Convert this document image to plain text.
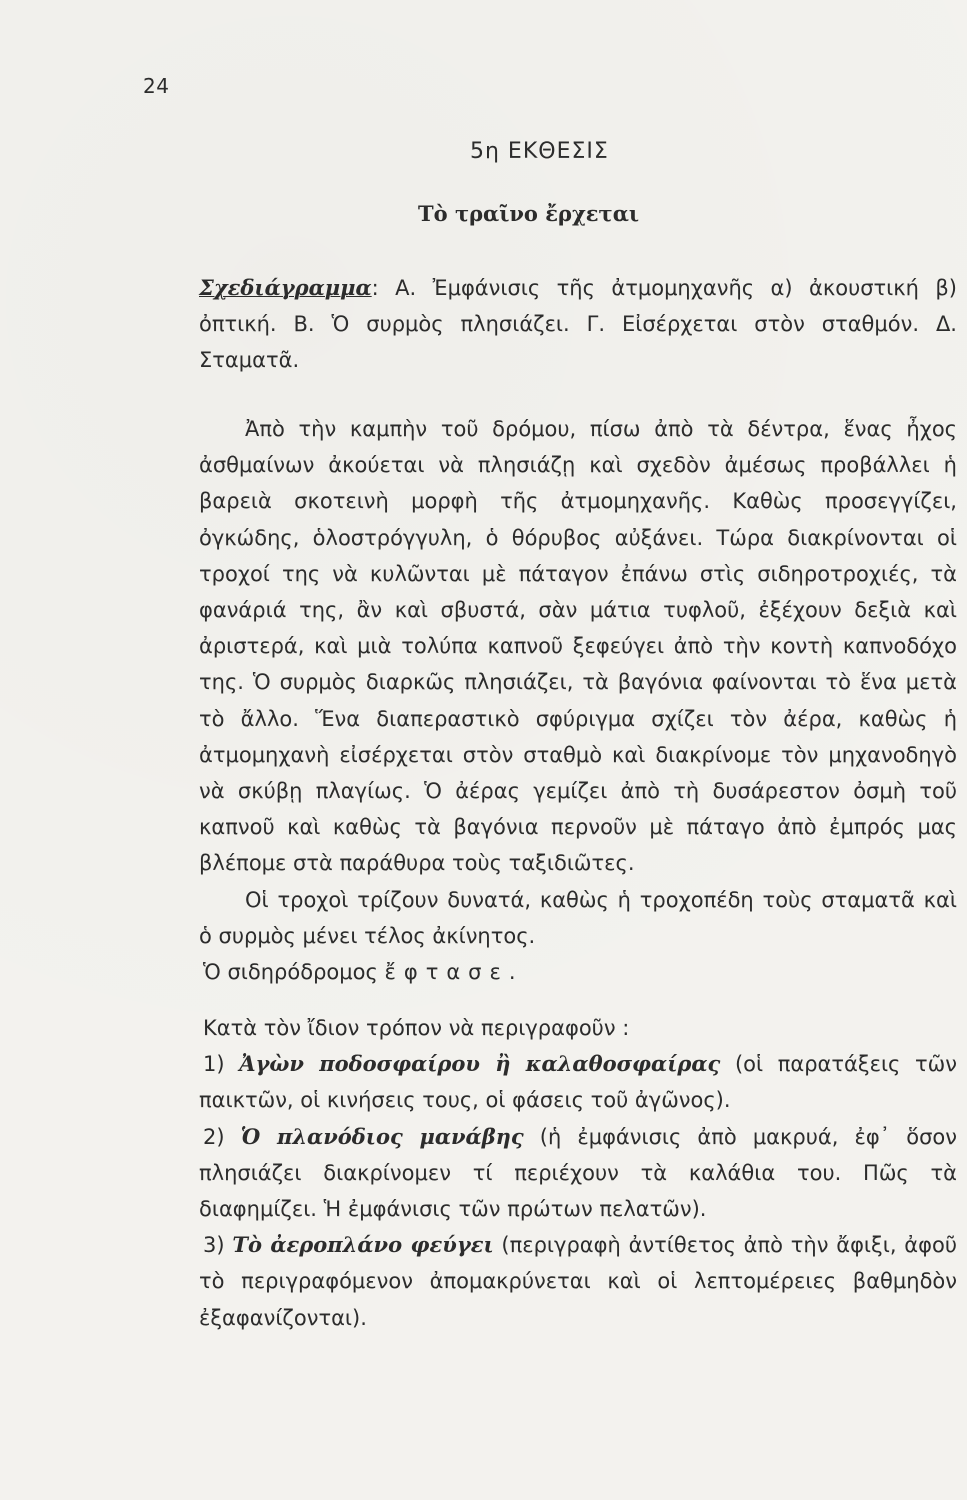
24
5η ΕΚΘΕΣΙΣ
Τὸ τραῖνο ἔρχεται

Σχεδιάγραμμα: Α. Ἐμφάνισις τῆς ἀτμομηχανῆς α) ἀκουστική β) ὀπτική. Β. Ὁ συρμὸς πλησιάζει. Γ. Εἰσέρχεται στὸν σταθμόν. Δ. Σταματᾶ.

Ἀπὸ τὴν καμπὴν τοῦ δρόμου, πίσω ἀπὸ τὰ δέντρα, ἕνας ἦχος ἀσθμαίνων ἀκούεται νὰ πλησιάζῃ καὶ σχεδὸν ἀμέσως προβάλλει ἡ βαρειὰ σκοτεινὴ μορφὴ τῆς ἀτμομηχανῆς. Καθὼς προσεγγίζει, ὀγκώδης, ὁλοστρόγγυλη, ὁ θόρυβος αὐξάνει. Τώρα διακρίνονται οἱ τροχοί της νὰ κυλῶνται μὲ πάταγον ἐπάνω στὶς σιδηροτροχιές, τὰ φανάριά της, ἂν καὶ σβυστά, σὰν μάτια τυφλοῦ, ἐξέχουν δεξιὰ καὶ ἀριστερά, καὶ μιὰ τολύπα καπνοῦ ξεφεύγει ἀπὸ τὴν κοντὴ καπνοδόχο της. Ὁ συρμὸς διαρκῶς πλησιάζει, τὰ βαγόνια φαίνονται τὸ ἕνα μετὰ τὸ ἄλλο. Ἕνα διαπεραστικὸ σφύριγμα σχίζει τὸν ἀέρα, καθὼς ἡ ἀτμομηχανὴ εἰσέρχεται στὸν σταθμὸ καὶ διακρίνομε τὸν μηχανοδηγὸ νὰ σκύβῃ πλαγίως. Ὁ ἀέρας γεμίζει ἀπὸ τὴ δυσάρεστον ὀσμὴ τοῦ καπνοῦ καὶ καθὼς τὰ βαγόνια περνοῦν μὲ πάταγο ἀπὸ ἐμπρός μας βλέπομε στὰ παράθυρα τοὺς ταξιδιῶτες.

Οἱ τροχοὶ τρίζουν δυνατά, καθὼς ἡ τροχοπέδη τοὺς σταματᾶ καὶ ὁ συρμὸς μένει τέλος ἀκίνητος.

Ὁ σιδηρόδρομος ἔφτασε.

Κατὰ τὸν ἴδιον τρόπον νὰ περιγραφοῦν :

1) Ἀγὼν ποδοσφαίρου ἢ καλαθοσφαίρας (οἱ παρατάξεις τῶν παικτῶν, οἱ κινήσεις τους, οἱ φάσεις τοῦ ἀγῶνος).

2) Ὁ πλανόδιος μανάβης (ἡ ἐμφάνισις ἀπὸ μακρυά, ἐφ᾽ ὅσον πλησιάζει διακρίνομεν τί περιέχουν τὰ καλάθια του. Πῶς τὰ διαφημίζει. Ἡ ἐμφάνισις τῶν πρώτων πελατῶν).

3) Τὸ ἀεροπλάνο φεύγει (περιγραφὴ ἀντίθετος ἀπὸ τὴν ἄφιξι, ἀφοῦ τὸ περιγραφόμενον ἀπομακρύνεται καὶ οἱ λεπτομέρειες βαθμηδὸν ἐξαφανίζονται).
